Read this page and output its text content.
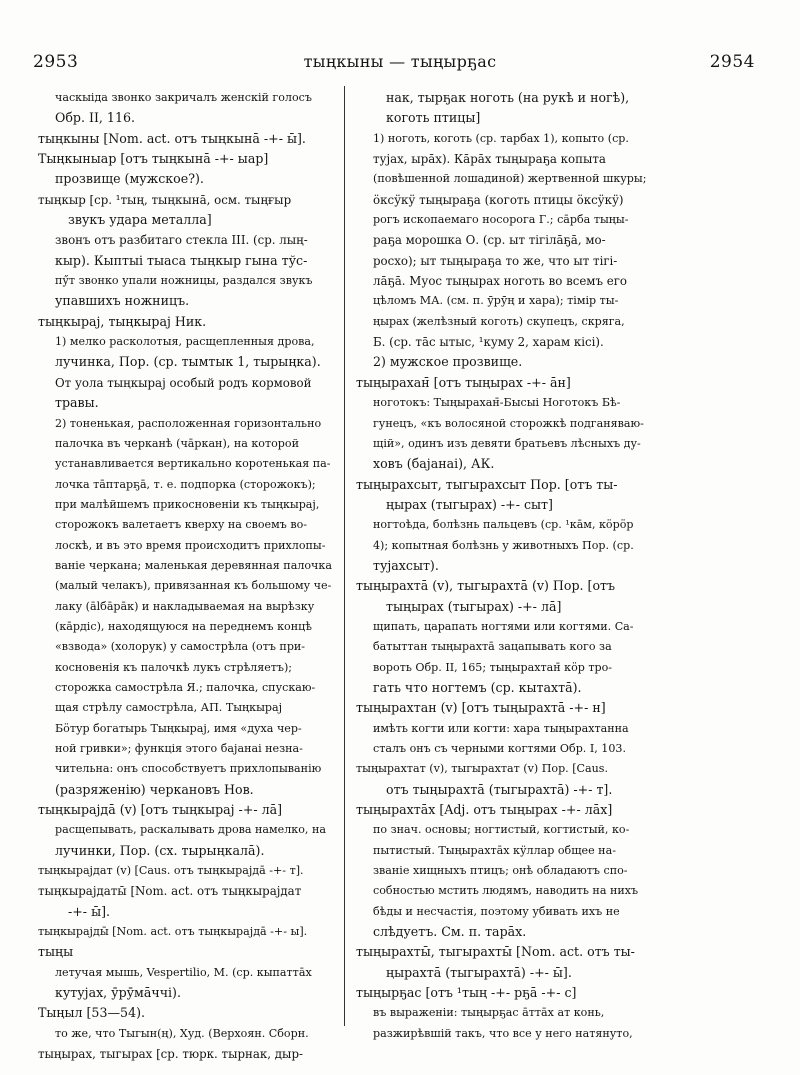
2953	тыңкыны — тыңырҕас	2954
часкыіда звонко закричалъ женскій голосъ
Обр. II, 116.
тыңкыны [Nom. act. отъ тыңкына̄ -+- ы̄].
Тыңкыныар [отъ тыңкына̄ -+- ыар]
прозвище (мужское?).
тыңкыр [ср. ¹тың, тыңкына̄, осм. тыңғыр
звукъ удара металла]
звонъ отъ разбитаго стекла III. (ср. лың-
кыр). Кыптыі тыаса тыңкыр гына тўс-
пӳт звонко упали ножницы, раздался звукъ
упавшихъ ножницъ.
тыңкырај, тыңкырај Ник.
1) мелко расколотыя, расщепленныя дрова,
лучинка, Пор. (ср. тымтык 1, тырыңка).
От уола тыңкырај особый родъ кормовой
травы.
2) тоненькая, расположенная горизонтально
палочка въ черканѣ (ча̄ркан), на которой
устанавливается вертикально коротенькая па-
лочка та̄птарҕа̄, т. е. подпорка (сторожокъ);
при малѣйшемъ прикосновеніи къ тыңкырај,
сторожокъ валетаетъ кверху на своемъ во-
лоскѣ, и въ это время происходитъ прихлопы-
ваніе черкана; маленькая деревянная палочка
(малый челакъ), привязанная къ большому че-
лаку (а̄lба̄ра̄к) и накладываемая на вырѣзку
(ка̄рдіс), находящуюся на переднемъ концѣ
«взвода» (холорук) у самострѣла (отъ при-
косновенія къ палочкѣ лукъ стрѣляетъ);
сторожка самострѣла Я.; палочка, спускаю-
щая стрѣлу самострѣла, АП. Тыңкырај
Бӧтур богатырь Тыңкырај, имя «духа чер-
ной гривки»; функція этого баjанаі незна-
чительна: онъ способствуетъ прихлопыванію
(разряженію) черкановъ Нов.
тыңкырајда̄ (v) [отъ тыңкырај -+- ла̄]
расщепывать, раскалывать дрова намелко, на
лучинки, Пор. (сх. тырыңкала̄).
тыңкырајдат (v) [Caus. отъ тыңкырајда̄ -+- т].
тыңкырајдаты̄ [Nom. act. отъ тыңкырајдат
-+- ы̄].
тыңкырајды̄ [Nom. act. отъ тыңкырајда̄ -+- ы].
тыңы
летучая мышь, Vespertilio, М. (ср. кыпатта̄х
кутуjах, ӯрӯма̄ччі).
Тыңыл [53—54).
то же, что Тыгын(ң), Худ. (Верхоян. Сборн.
тыңырах, тыгырах [ср. тюрк. тырнак, дыр-
нак, тырҕак ноготь (на рукѣ и ногѣ),
коготь птицы]
1) ноготь, коготь (ср. тарбах 1), копыто (ср.
туjах, ыра̄х). Ка̄ра̄х тыңыраҕа копыта
(повѣшенной лошадиной) жертвенной шкуры;
ӧксӱкӱ тыңыраҕа (коготь птицы ӧксӱкӱ)
рогъ ископаемаго носорога Г.; са̄рба тыңы-
раҕа морошка О. (ср. ыт тігіла̄ҕа̄, мо-
росхо); ыт тыңыраҕа то же, что ыт тігі-
ла̄ҕа̄. Муос тыңырах ноготь во всемъ его
цѣломъ МА. (см. п. ӯрӯң и хара); тімір ты-
ңырах (желѣзный коготь) скупецъ, скряга,
Б. (ср. та̄с ытыс, ¹куму 2, харам кісі).
2) мужское прозвище.
тыңырахан̄ [отъ тыңырах -+- а̄н]
ноготокъ: Тыңырахан̄-Бысыі Ноготокъ Бѣ-
гунецъ, «къ волосяной сторожкѣ подганяваю-
щій», одинъ изъ девяти братьевъ лѣсныхъ ду-
ховъ (баjанаі), АК.
тыңырахсыт, тыгырахсыт Пор. [отъ ты-
ңырах (тыгырах) -+- сыт]
ногтоѣда, болѣзнь пальцевъ (ср. ¹ка̄м, кӧрӧр
4); копытная болѣзнь у животныхъ Пор. (ср.
туjахсыт).
тыңырахта̄ (v), тыгырахта̄ (v) Пор. [отъ
тыңырах (тыгырах) -+- ла̄]
щипать, царапать ногтями или когтями. Са-
батыттан тыңырахта̄ зацапывать кого за
вороть Обр. II, 165; тыңырахтан̄ кӧр тро-
гать что ногтемъ (ср. кытахта̄).
тыңырахтан (v) [отъ тыңырахта̄ -+- н]
имѣть когти или когти: хара тыңырахтанна
сталъ онъ съ черными когтями Обр. I, 103.
тыңырахтат (v), тыгырахтат (v) Пор. [Caus.
отъ тыңырахта̄ (тыгырахта̄) -+- т].
тыңырахта̄х [Adj. отъ тыңырах -+- ла̄х]
по знач. основы; ногтистый, когтистый, ко-
пытистый. Тыңырахта̄х кӱллар общее на-
званіе хищныхъ птицъ; онѣ обладаютъ спо-
собностью мстить людямъ, наводить на нихъ
бѣды и несчастія, поэтому убивать ихъ не
слѣдуетъ. См. п. тара̄х.
тыңырахты̄, тыгырахты̄ [Nom. act. отъ ты-
ңырахта̄ (тыгырахта̄) -+- ы̄].
тыңырҕас [отъ ¹тың -+- рҕа̄ -+- с]
въ выраженіи: тыңырҕас а̄тта̄х ат конь,
разжирѣвшій такъ, что все у него натянуто,
